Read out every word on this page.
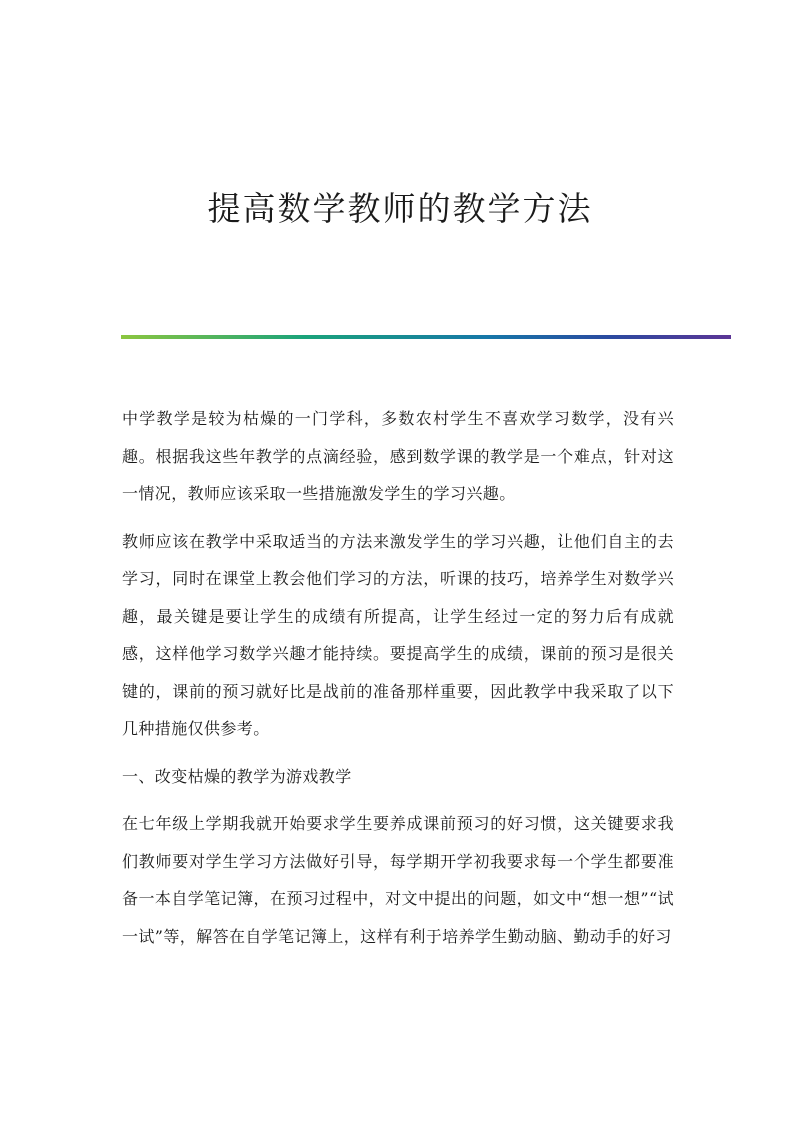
提高数学教师的教学方法

中学教学是较为枯燥的一门学科，多数农村学生不喜欢学习数学，没有兴趣。根据我这些年教学的点滴经验，感到数学课的教学是一个难点，针对这一情况，教师应该采取一些措施激发学生的学习兴趣。

教师应该在教学中采取适当的方法来激发学生的学习兴趣，让他们自主的去学习，同时在课堂上教会他们学习的方法，听课的技巧，培养学生对数学兴趣，最关键是要让学生的成绩有所提高，让学生经过一定的努力后有成就感，这样他学习数学兴趣才能持续。要提高学生的成绩，课前的预习是很关键的，课前的预习就好比是战前的准备那样重要，因此教学中我采取了以下几种措施仅供参考。

一、改变枯燥的教学为游戏教学

在七年级上学期我就开始要求学生要养成课前预习的好习惯，这关键要求我们教师要对学生学习方法做好引导，每学期开学初我要求每一个学生都要准备一本自学笔记簿，在预习过程中，对文中提出的问题，如文中“想一想”“试一试”等，解答在自学笔记簿上，这样有利于培养学生勤动脑、勤动手的好习
